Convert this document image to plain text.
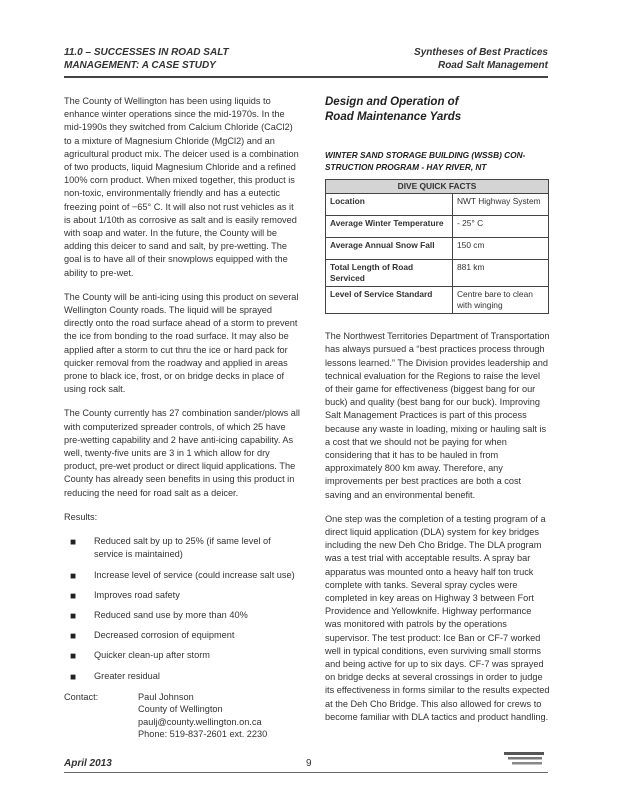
11.0 – SUCCESSES IN ROAD SALT
MANAGEMENT: A CASE STUDY
Syntheses of Best Practices
Road Salt Management

The County of Wellington has been using liquids to enhance winter operations since the mid-1970s. In the mid-1990s they switched from Calcium Chloride (CaCl2) to a mixture of Magnesium Chloride (MgCl2) and an agricultural product mix. The deicer used is a combination of two products, liquid Magnesium Chloride and a refined 100% corn product. When mixed together, this product is non-toxic, environmentally friendly and has a eutectic freezing point of −65° C. It will also not rust vehicles as it is about 1/10th as corrosive as salt and is easily removed with soap and water. In the future, the County will be adding this deicer to sand and salt, by pre-wetting. The goal is to have all of their snowplows equipped with the ability to pre-wet.

The County will be anti-icing using this product on several Wellington County roads. The liquid will be sprayed directly onto the road surface ahead of a storm to prevent the ice from bonding to the road surface. It may also be applied after a storm to cut thru the ice or hard pack for quicker removal from the roadway and applied in areas prone to black ice, frost, or on bridge decks in place of using rock salt.

The County currently has 27 combination sander/plows all with computerized spreader controls, of which 25 have pre-wetting capability and 2 have anti-icing capability. As well, twenty-five units are 3 in 1 which allow for dry product, pre-wet product or direct liquid applications. The County has already seen benefits in using this product in reducing the need for road salt as a deicer.

Results:

■ Reduced salt by up to 25% (if same level of service is maintained)
■ Increase level of service (could increase salt use)
■ Improves road safety
■ Reduced sand use by more than 40%
■ Decreased corrosion of equipment
■ Quicker clean-up after storm
■ Greater residual
Contact:	Paul Johnson
County of Wellington
paulj@county.wellington.on.ca
Phone: 519-837-2601 ext. 2230
Design and Operation of
Road Maintenance Yards
WINTER SAND STORAGE BUILDING (WSSB) CON-
STRUCTION PROGRAM - HAY RIVER, NT
DIVE QUICK FACTS	
Location	NWT Highway System
Average Winter Temperature	- 25° C
Average Annual Snow Fall	150 cm
Total Length of Road Serviced	881 km
Level of Service Standard	Centre bare to clean with winging

The Northwest Territories Department of Transportation has always pursued a “best practices process through lessons learned.” The Division provides leadership and technical evaluation for the Regions to raise the level of their game for effectiveness (biggest bang for our buck) and quality (best bang for our buck). Improving Salt Management Practices is part of this process because any waste in loading, mixing or hauling salt is a cost that we should not be paying for when considering that it has to be hauled in from approximately 800 km away. Therefore, any improvements per best practices are both a cost saving and an environmental benefit.

One step was the completion of a testing program of a direct liquid application (DLA) system for key bridges including the new Deh Cho Bridge. The DLA program was a test trial with acceptable results. A spray bar apparatus was mounted onto a heavy half ton truck complete with tanks. Several spray cycles were completed in key areas on Highway 3 between Fort Providence and Yellowknife. Highway performance was monitored with patrols by the operations supervisor. The test product: Ice Ban or CF-7 worked well in typical conditions, even surviving small storms and being active for up to six days. CF-7 was sprayed on bridge decks at several crossings in order to judge its effectiveness in forms similar to the results expected at the Deh Cho Bridge. This also allowed for crews to become familiar with DLA tactics and product handling.

April 2013	9
